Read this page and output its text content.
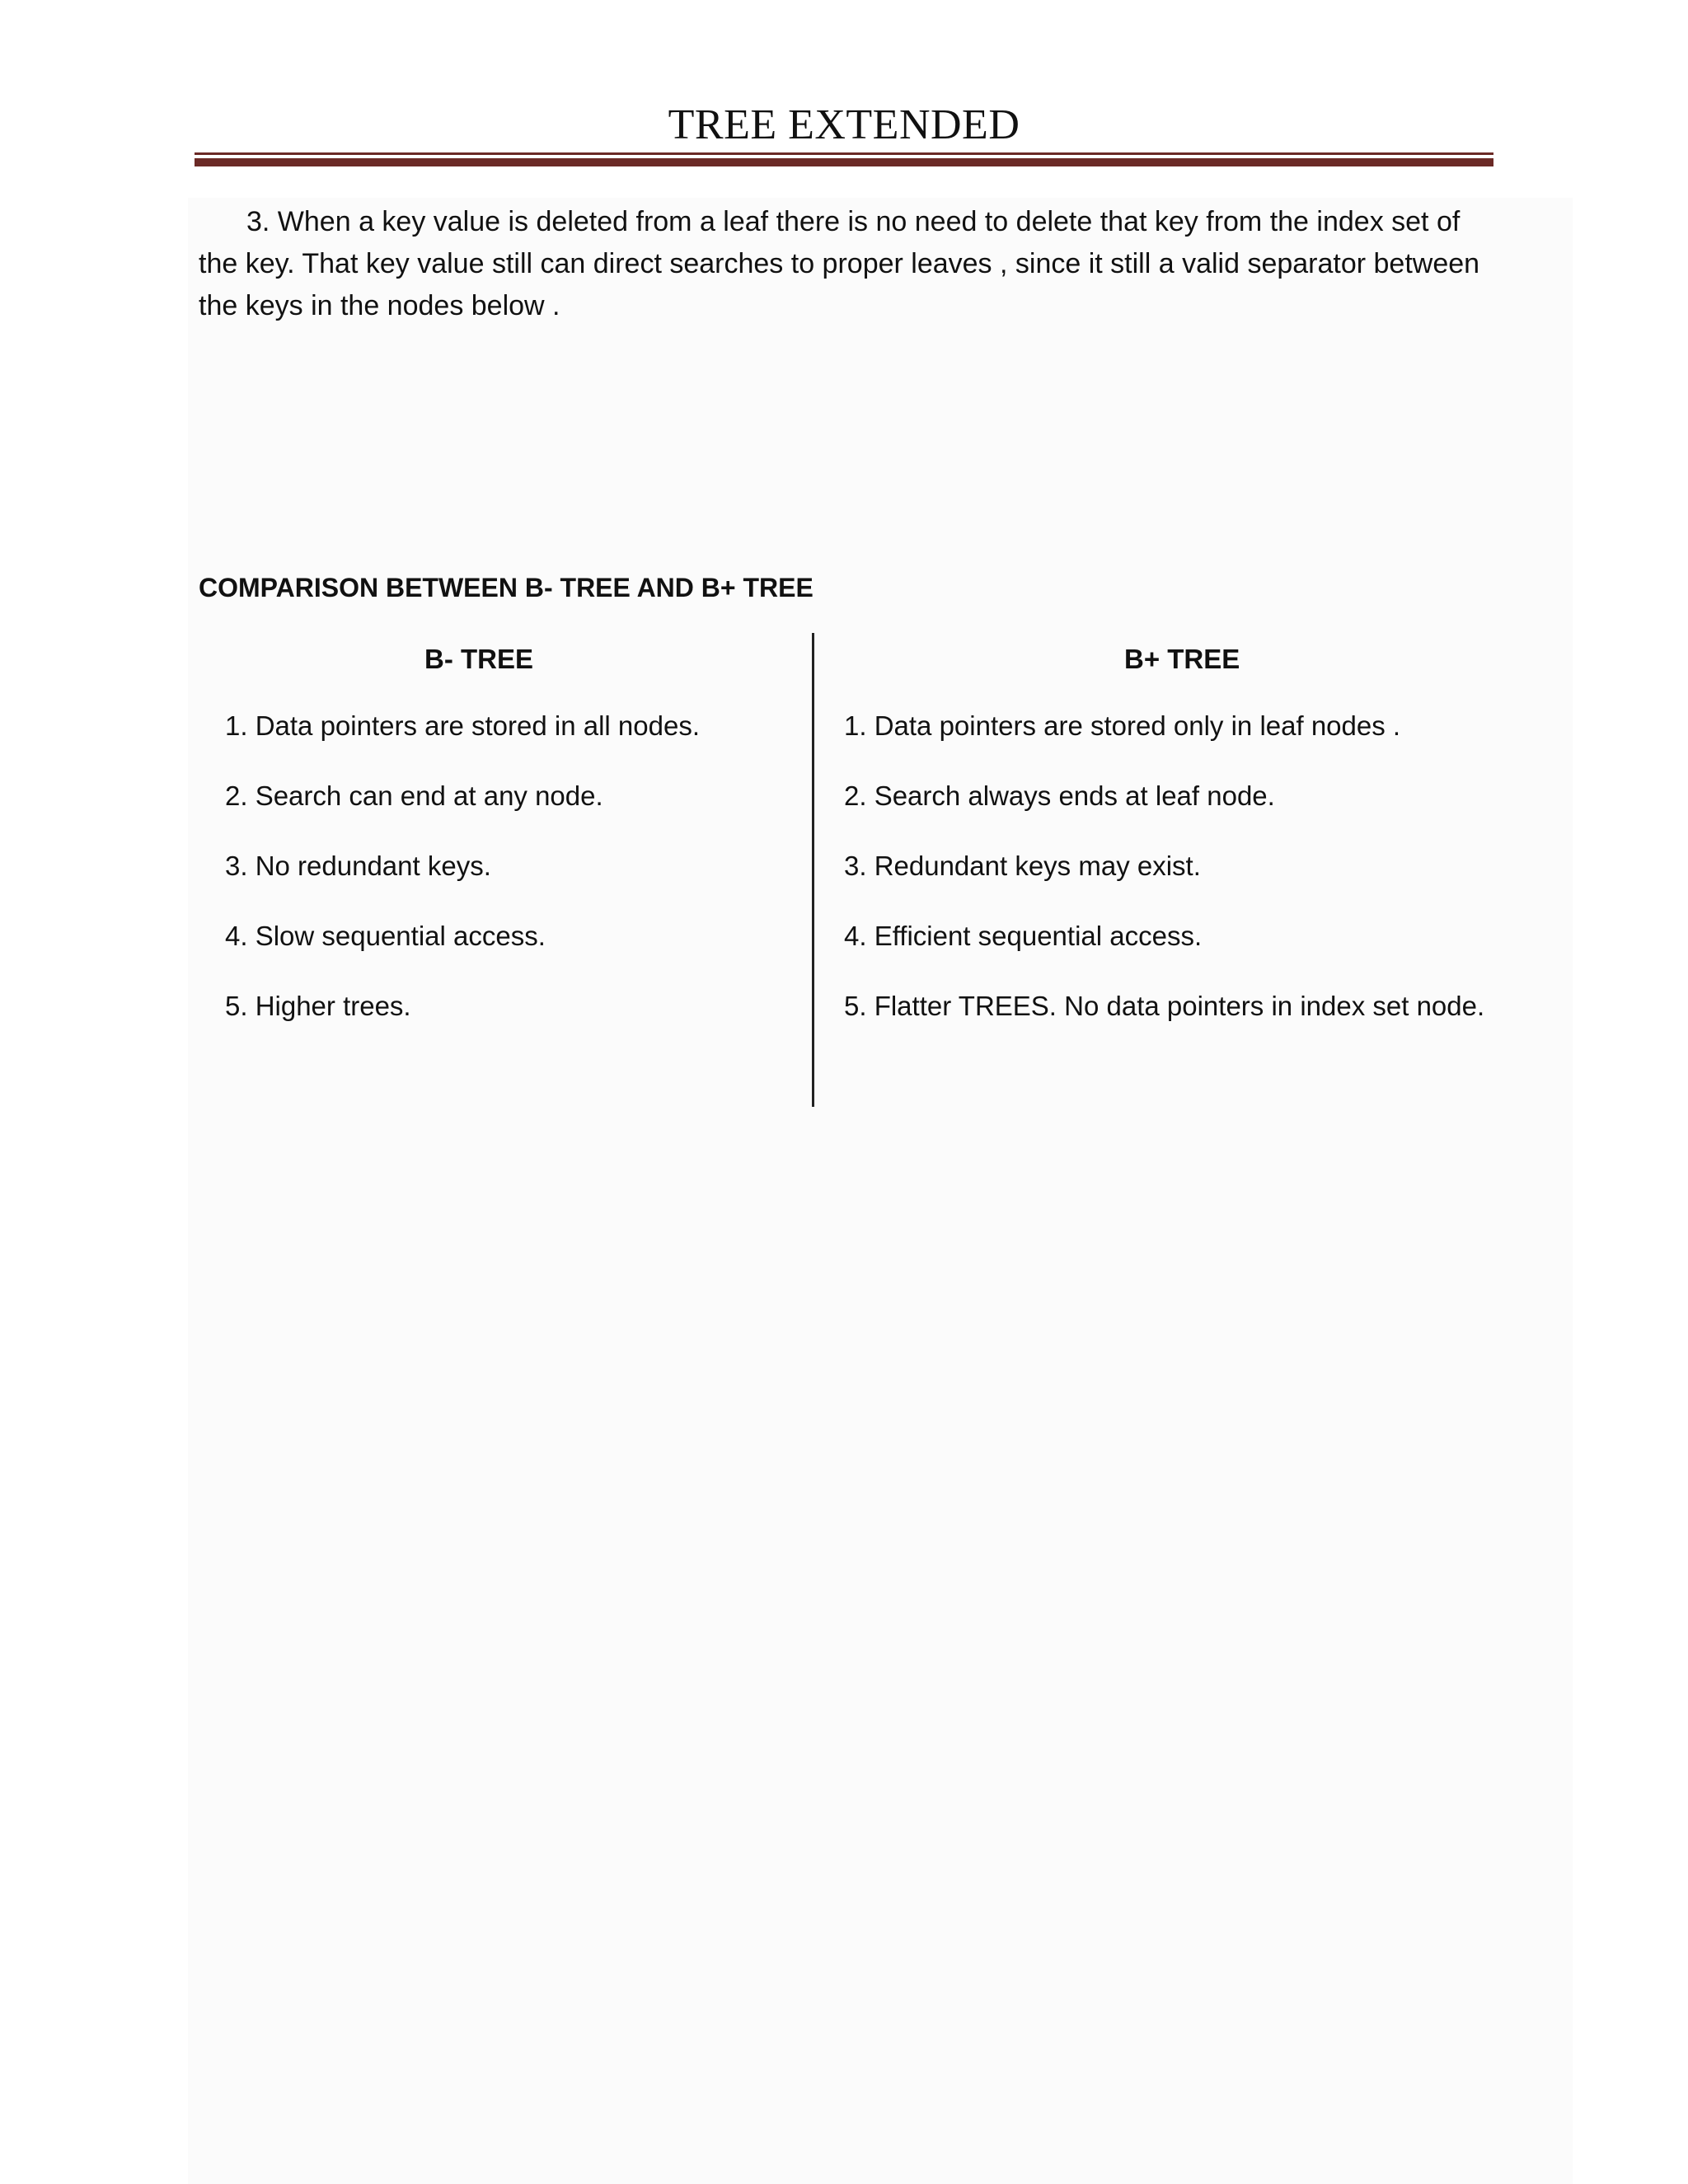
TREE EXTENDED

3. When a key value is deleted from a leaf there is no need to delete that key from the index set of the key. That key value still can direct searches to proper leaves , since it still a valid separator between the keys in the nodes below .

COMPARISON BETWEEN B- TREE AND B+ TREE

B- TREE

1. Data pointers are stored in all nodes.
2. Search can end at any node.
3. No redundant keys.
4. Slow sequential access.
5. Higher trees.

B+ TREE

1. Data pointers are stored only in leaf nodes .
2. Search always ends at leaf node.
3. Redundant keys may exist.
4. Efficient sequential access.
5. Flatter TREES. No data pointers in index set node.
